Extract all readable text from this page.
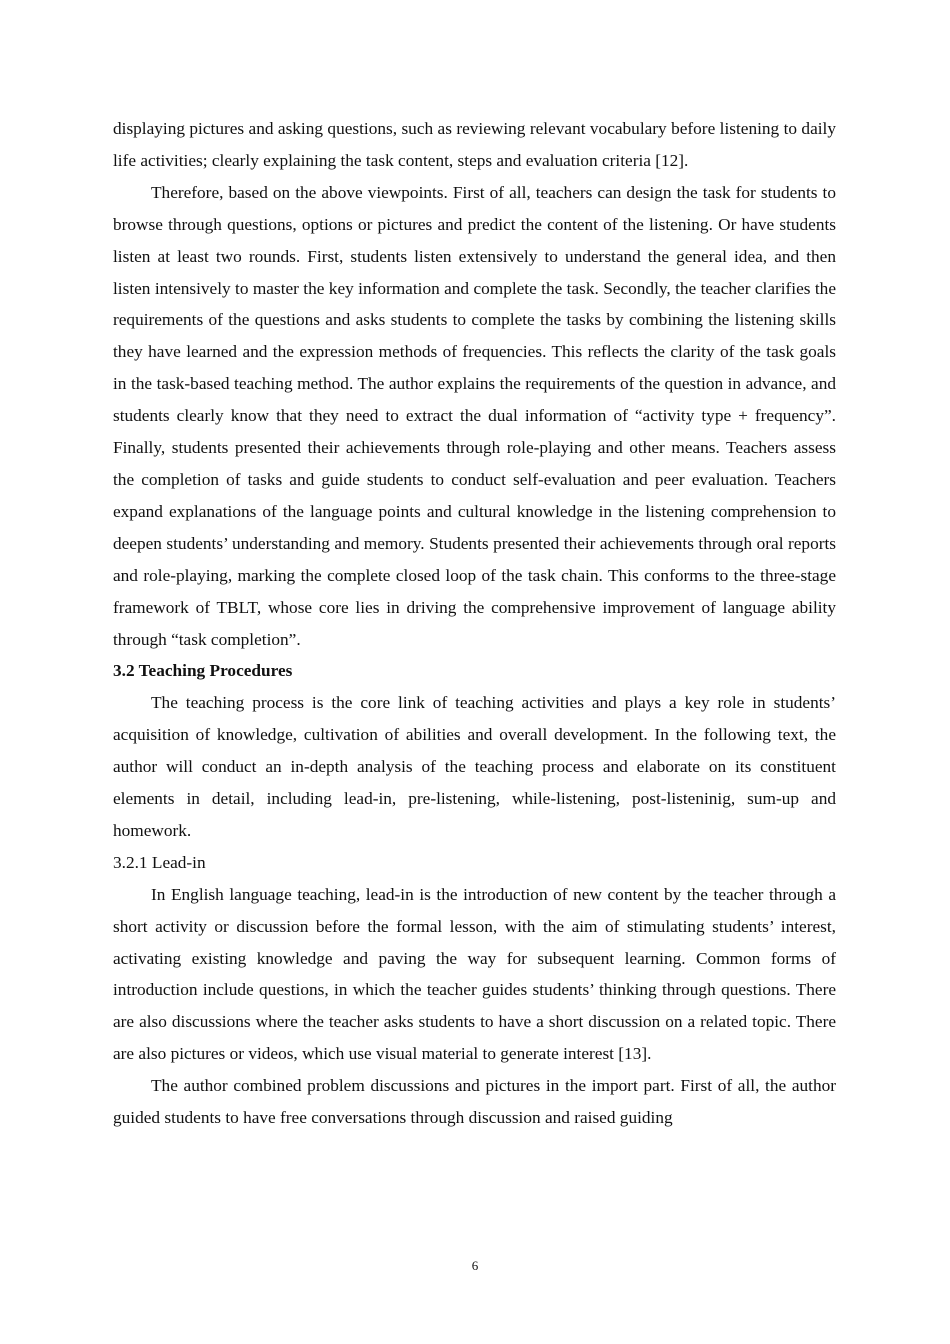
displaying pictures and asking questions, such as reviewing relevant vocabulary before listening to daily life activities; clearly explaining the task content, steps and evaluation criteria [12].

Therefore, based on the above viewpoints. First of all, teachers can design the task for students to browse through questions, options or pictures and predict the content of the listening. Or have students listen at least two rounds. First, students listen extensively to understand the general idea, and then listen intensively to master the key information and complete the task. Secondly, the teacher clarifies the requirements of the questions and asks students to complete the tasks by combining the listening skills they have learned and the expression methods of frequencies. This reflects the clarity of the task goals in the task-based teaching method. The author explains the requirements of the question in advance, and students clearly know that they need to extract the dual information of “activity type + frequency”. Finally, students presented their achievements through role-playing and other means. Teachers assess the completion of tasks and guide students to conduct self-evaluation and peer evaluation. Teachers expand explanations of the language points and cultural knowledge in the listening comprehension to deepen students’ understanding and memory. Students presented their achievements through oral reports and role-playing, marking the complete closed loop of the task chain. This conforms to the three-stage framework of TBLT, whose core lies in driving the comprehensive improvement of language ability through “task completion”.

3.2 Teaching Procedures

The teaching process is the core link of teaching activities and plays a key role in students’ acquisition of knowledge, cultivation of abilities and overall development. In the following text, the author will conduct an in-depth analysis of the teaching process and elaborate on its constituent elements in detail, including lead-in, pre-listening, while-listening, post-listeninig, sum-up and homework.

3.2.1 Lead-in

In English language teaching, lead-in is the introduction of new content by the teacher through a short activity or discussion before the formal lesson, with the aim of stimulating students’ interest, activating existing knowledge and paving the way for subsequent learning. Common forms of introduction include questions, in which the teacher guides students’ thinking through questions. There are also discussions where the teacher asks students to have a short discussion on a related topic. There are also pictures or videos, which use visual material to generate interest [13].

The author combined problem discussions and pictures in the import part. First of all, the author guided students to have free conversations through discussion and raised guiding

6
